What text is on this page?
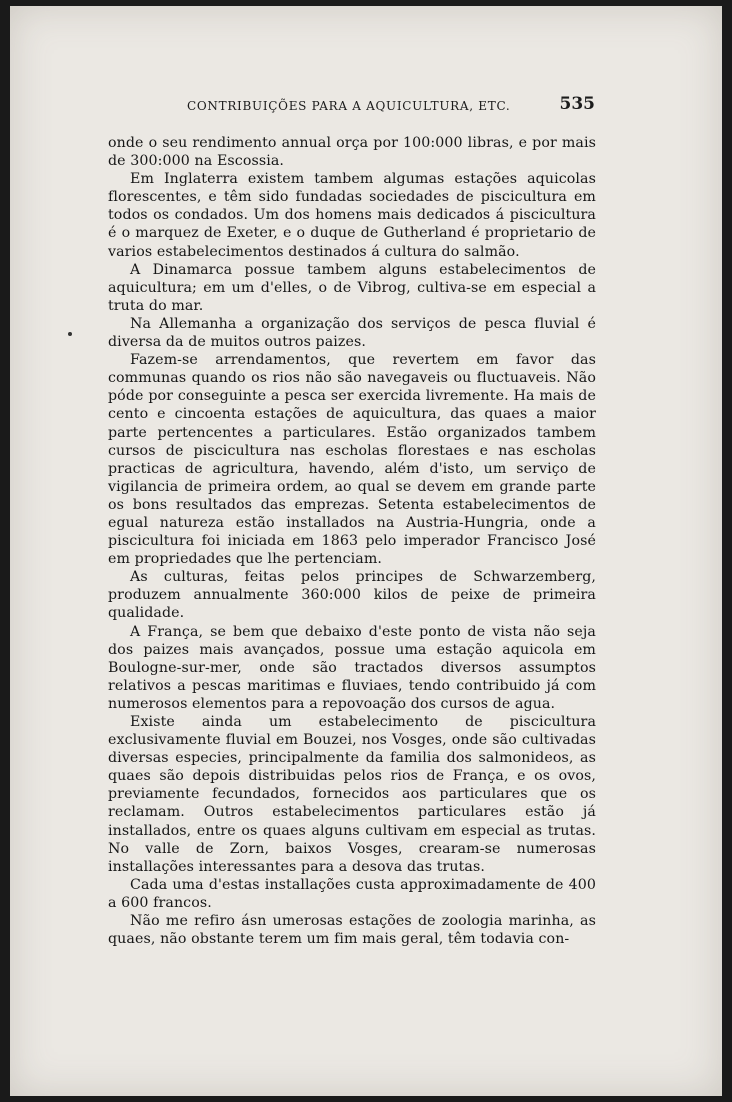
CONTRIBUIÇÕES PARA A AQUICULTURA, ETC.	535

onde o seu rendimento annual orça por 100:000 libras, e por mais de 300:000 na Escossia.

Em Inglaterra existem tambem algumas estações aquicolas florescentes, e têm sido fundadas sociedades de piscicultura em todos os condados. Um dos homens mais dedicados á piscicultura é o marquez de Exeter, e o duque de Gutherland é proprietario de varios estabelecimentos destinados á cultura do salmão.

A Dinamarca possue tambem alguns estabelecimentos de aquicultura; em um d'elles, o de Vibrog, cultiva-se em especial a truta do mar.

Na Allemanha a organização dos serviços de pesca fluvial é diversa da de muitos outros paizes.

Fazem-se arrendamentos, que revertem em favor das communas quando os rios não são navegaveis ou fluctuaveis. Não póde por conseguinte a pesca ser exercida livremente. Ha mais de cento e cincoenta estações de aquicultura, das quaes a maior parte pertencentes a particulares. Estão organizados tambem cursos de piscicultura nas escholas florestaes e nas escholas practicas de agricultura, havendo, além d'isto, um serviço de vigilancia de primeira ordem, ao qual se devem em grande parte os bons resultados das emprezas. Setenta estabelecimentos de egual natureza estão installados na Austria-Hungria, onde a piscicultura foi iniciada em 1863 pelo imperador Francisco José em propriedades que lhe pertenciam.

As culturas, feitas pelos principes de Schwarzemberg, produzem annualmente 360:000 kilos de peixe de primeira qualidade.

A França, se bem que debaixo d'este ponto de vista não seja dos paizes mais avançados, possue uma estação aquicola em Boulogne-sur-mer, onde são tractados diversos assumptos relativos a pescas maritimas e fluviaes, tendo contribuido já com numerosos elementos para a repovoação dos cursos de agua.

Existe ainda um estabelecimento de piscicultura exclusivamente fluvial em Bouzei, nos Vosges, onde são cultivadas diversas especies, principalmente da familia dos salmonideos, as quaes são depois distribuidas pelos rios de França, e os ovos, previamente fecundados, fornecidos aos particulares que os reclamam. Outros estabelecimentos particulares estão já installados, entre os quaes alguns cultivam em especial as trutas. No valle de Zorn, baixos Vosges, crearam-se numerosas installações interessantes para a desova das trutas.

Cada uma d'estas installações custa approximadamente de 400 a 600 francos.

Não me refiro ásn umerosas estações de zoologia marinha, as quaes, não obstante terem um fim mais geral, têm todavia con-
